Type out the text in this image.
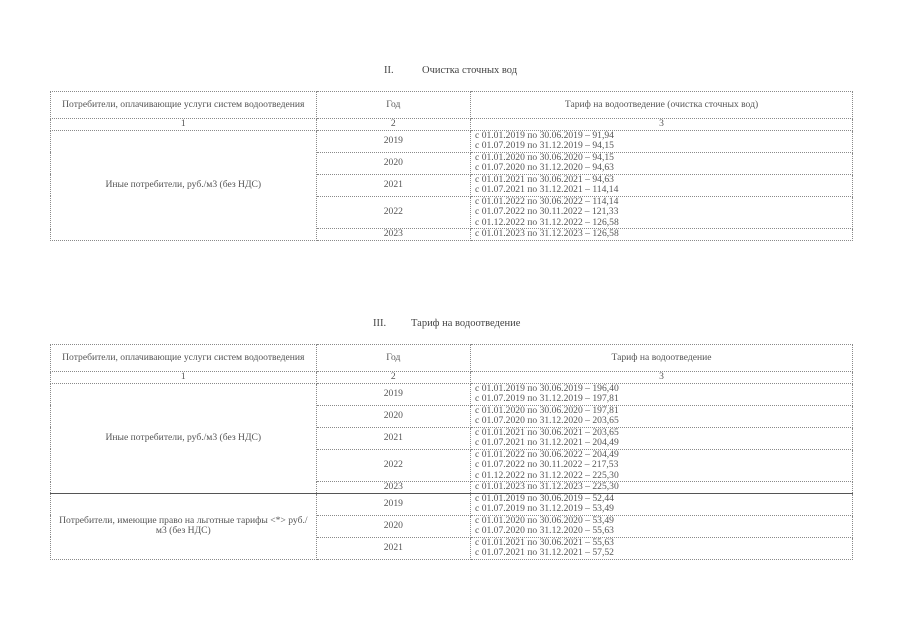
II.	Очистка сточных вод
Потребители, оплачивающие услуги систем водоотведения	Год	Тариф на водоотведение (очистка сточных вод)
1	2	3
Иные потребители, руб./м3 (без НДС)	2019	с 01.01.2019 по 30.06.2019 – 91,94
с 01.07.2019 по 31.12.2019 – 94,15

	2020	с 01.01.2020 по 30.06.2020 – 94,15
с 01.07.2020 по 31.12.2020 – 94,63

	2021	с 01.01.2021 по 30.06.2021 – 94,63
с 01.07.2021 по 31.12.2021 – 114,14

	2022	с 01.01.2022 по 30.06.2022 – 114,14
с 01.07.2022 по 30.11.2022 – 121,33
с 01.12.2022 по 31.12.2022 – 126,58

	2023	с 01.01.2023 по 31.12.2023 – 126,58
III. Тариф на водоотведение
Потребители, оплачивающие услуги систем водоотведения	Год	Тариф на водоотведение
1	2	3
Иные потребители, руб./м3 (без НДС)	2019	с 01.01.2019 по 30.06.2019 – 196,40
с 01.07.2019 по 31.12.2019 – 197,81

	2020	с 01.01.2020 по 30.06.2020 – 197,81
с 01.07.2020 по 31.12.2020 – 203,65

	2021	с 01.01.2021 по 30.06.2021 – 203,65
с 01.07.2021 по 31.12.2021 – 204,49

	2022	с 01.01.2022 по 30.06.2022 – 204,49
с 01.07.2022 по 30.11.2022 – 217,53
с 01.12.2022 по 31.12.2022 – 225,30

	2023	с 01.01.2023 по 31.12.2023 – 225,30

Потребители, имеющие право на льготные тарифы <*> руб./м3 (без НДС)	2019	с 01.01.2019 по 30.06.2019 – 52,44
с 01.07.2019 по 31.12.2019 – 53,49

	2020	с 01.01.2020 по 30.06.2020 – 53,49
с 01.07.2020 по 31.12.2020 – 55,63

	2021	с 01.01.2021 по 30.06.2021 – 55,63
с 01.07.2021 по 31.12.2021 – 57,52
